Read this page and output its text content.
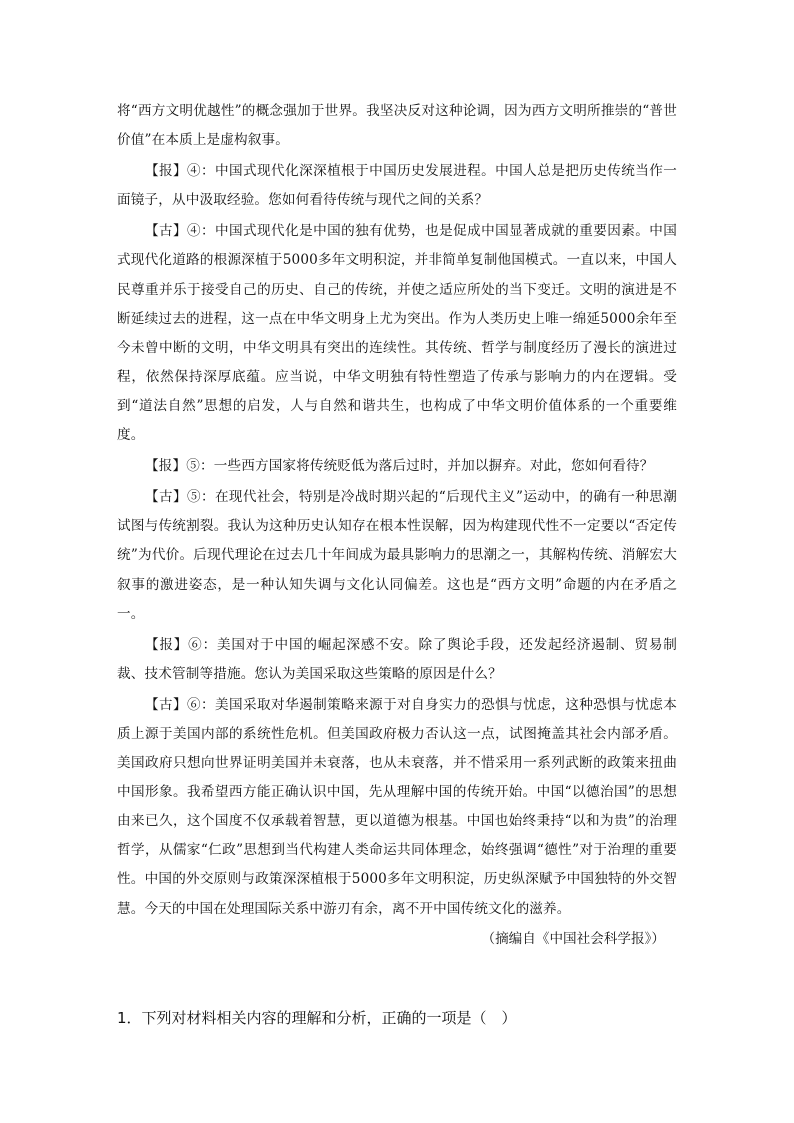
将“西方文明优越性”的概念强加于世界。我坚决反对这种论调，因为西方文明所推崇的“普世价值”在本质上是虚构叙事。

【报】④：中国式现代化深深植根于中国历史发展进程。中国人总是把历史传统当作一面镜子，从中汲取经验。您如何看待传统与现代之间的关系？

【古】④：中国式现代化是中国的独有优势，也是促成中国显著成就的重要因素。中国式现代化道路的根源深植于5000多年文明积淀，并非简单复制他国模式。一直以来，中国人民尊重并乐于接受自己的历史、自己的传统，并使之适应所处的当下变迁。文明的演进是不断延续过去的进程，这一点在中华文明身上尤为突出。作为人类历史上唯一绵延5000余年至今未曾中断的文明，中华文明具有突出的连续性。其传统、哲学与制度经历了漫长的演进过程，依然保持深厚底蕴。应当说，中华文明独有特性塑造了传承与影响力的内在逻辑。受到“道法自然”思想的启发，人与自然和谐共生，也构成了中华文明价值体系的一个重要维度。

【报】⑤：一些西方国家将传统贬低为落后过时，并加以摒弃。对此，您如何看待？

【古】⑤：在现代社会，特别是冷战时期兴起的“后现代主义”运动中，的确有一种思潮试图与传统割裂。我认为这种历史认知存在根本性误解，因为构建现代性不一定要以“否定传统”为代价。后现代理论在过去几十年间成为最具影响力的思潮之一，其解构传统、消解宏大叙事的激进姿态，是一种认知失调与文化认同偏差。这也是“西方文明”命题的内在矛盾之一。

【报】⑥：美国对于中国的崛起深感不安。除了舆论手段，还发起经济遏制、贸易制裁、技术管制等措施。您认为美国采取这些策略的原因是什么？

【古】⑥：美国采取对华遏制策略来源于对自身实力的恐惧与忧虑，这种恐惧与忧虑本质上源于美国内部的系统性危机。但美国政府极力否认这一点，试图掩盖其社会内部矛盾。美国政府只想向世界证明美国并未衰落，也从未衰落，并不惜采用一系列武断的政策来扭曲中国形象。我希望西方能正确认识中国，先从理解中国的传统开始。中国“以德治国”的思想由来已久，这个国度不仅承载着智慧，更以道德为根基。中国也始终秉持“以和为贵”的治理哲学，从儒家“仁政”思想到当代构建人类命运共同体理念，始终强调“德性”对于治理的重要性。中国的外交原则与政策深深植根于5000多年文明积淀，历史纵深赋予中国独特的外交智慧。今天的中国在处理国际关系中游刃有余，离不开中国传统文化的滋养。

（摘编自《中国社会科学报》）

1．下列对材料相关内容的理解和分析，正确的一项是（　）
